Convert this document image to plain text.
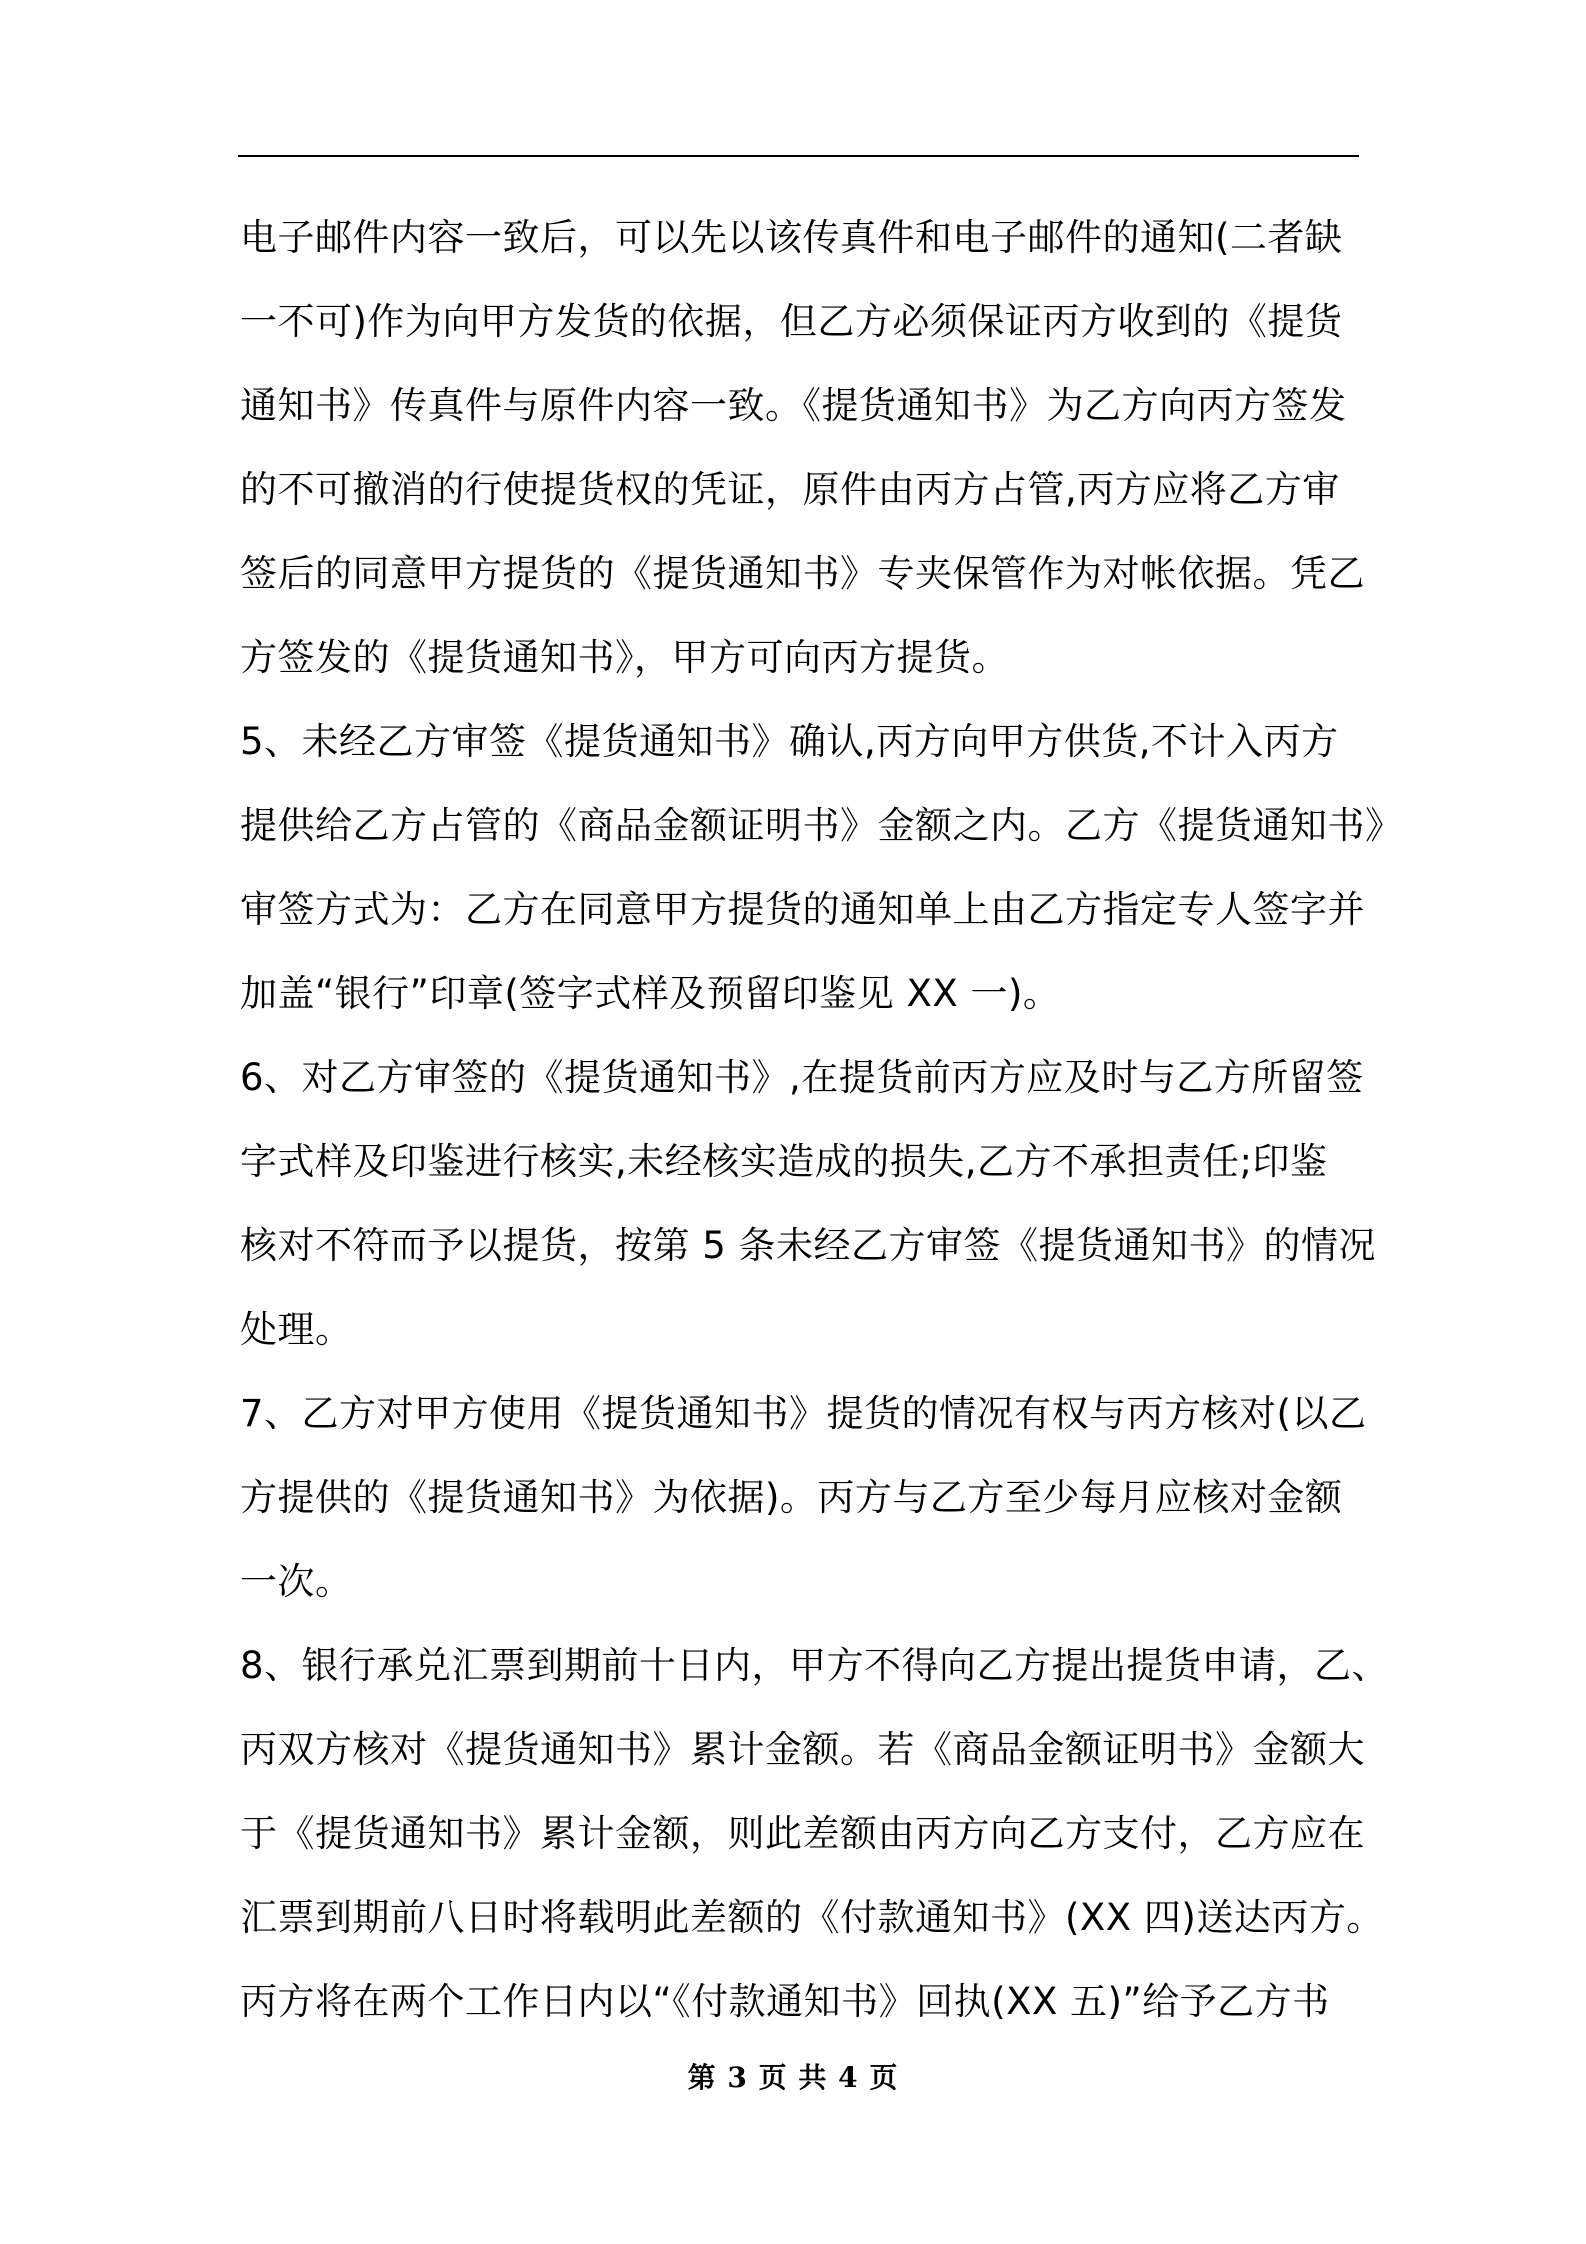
电子邮件内容一致后，可以先以该传真件和电子邮件的通知(二者缺
一不可)作为向甲方发货的依据，但乙方必须保证丙方收到的《提货
通知书》传真件与原件内容一致。《提货通知书》为乙方向丙方签发
的不可撤消的行使提货权的凭证，原件由丙方占管,丙方应将乙方审
签后的同意甲方提货的《提货通知书》专夹保管作为对帐依据。凭乙
方签发的《提货通知书》，甲方可向丙方提货。
5、未经乙方审签《提货通知书》确认,丙方向甲方供货,不计入丙方
提供给乙方占管的《商品金额证明书》金额之内。乙方《提货通知书》
审签方式为：乙方在同意甲方提货的通知单上由乙方指定专人签字并
加盖“银行”印章(签字式样及预留印鉴见 XX 一)。
6、对乙方审签的《提货通知书》,在提货前丙方应及时与乙方所留签
字式样及印鉴进行核实,未经核实造成的损失,乙方不承担责任;印鉴
核对不符而予以提货，按第 5 条未经乙方审签《提货通知书》的情况
处理。
7、乙方对甲方使用《提货通知书》提货的情况有权与丙方核对(以乙
方提供的《提货通知书》为依据)。丙方与乙方至少每月应核对金额
一次。
8、银行承兑汇票到期前十日内，甲方不得向乙方提出提货申请，乙、
丙双方核对《提货通知书》累计金额。若《商品金额证明书》金额大
于《提货通知书》累计金额，则此差额由丙方向乙方支付，乙方应在
汇票到期前八日时将载明此差额的《付款通知书》(XX 四)送达丙方。
丙方将在两个工作日内以“《付款通知书》回执(XX 五)”给予乙方书
第 3 页 共 4 页
